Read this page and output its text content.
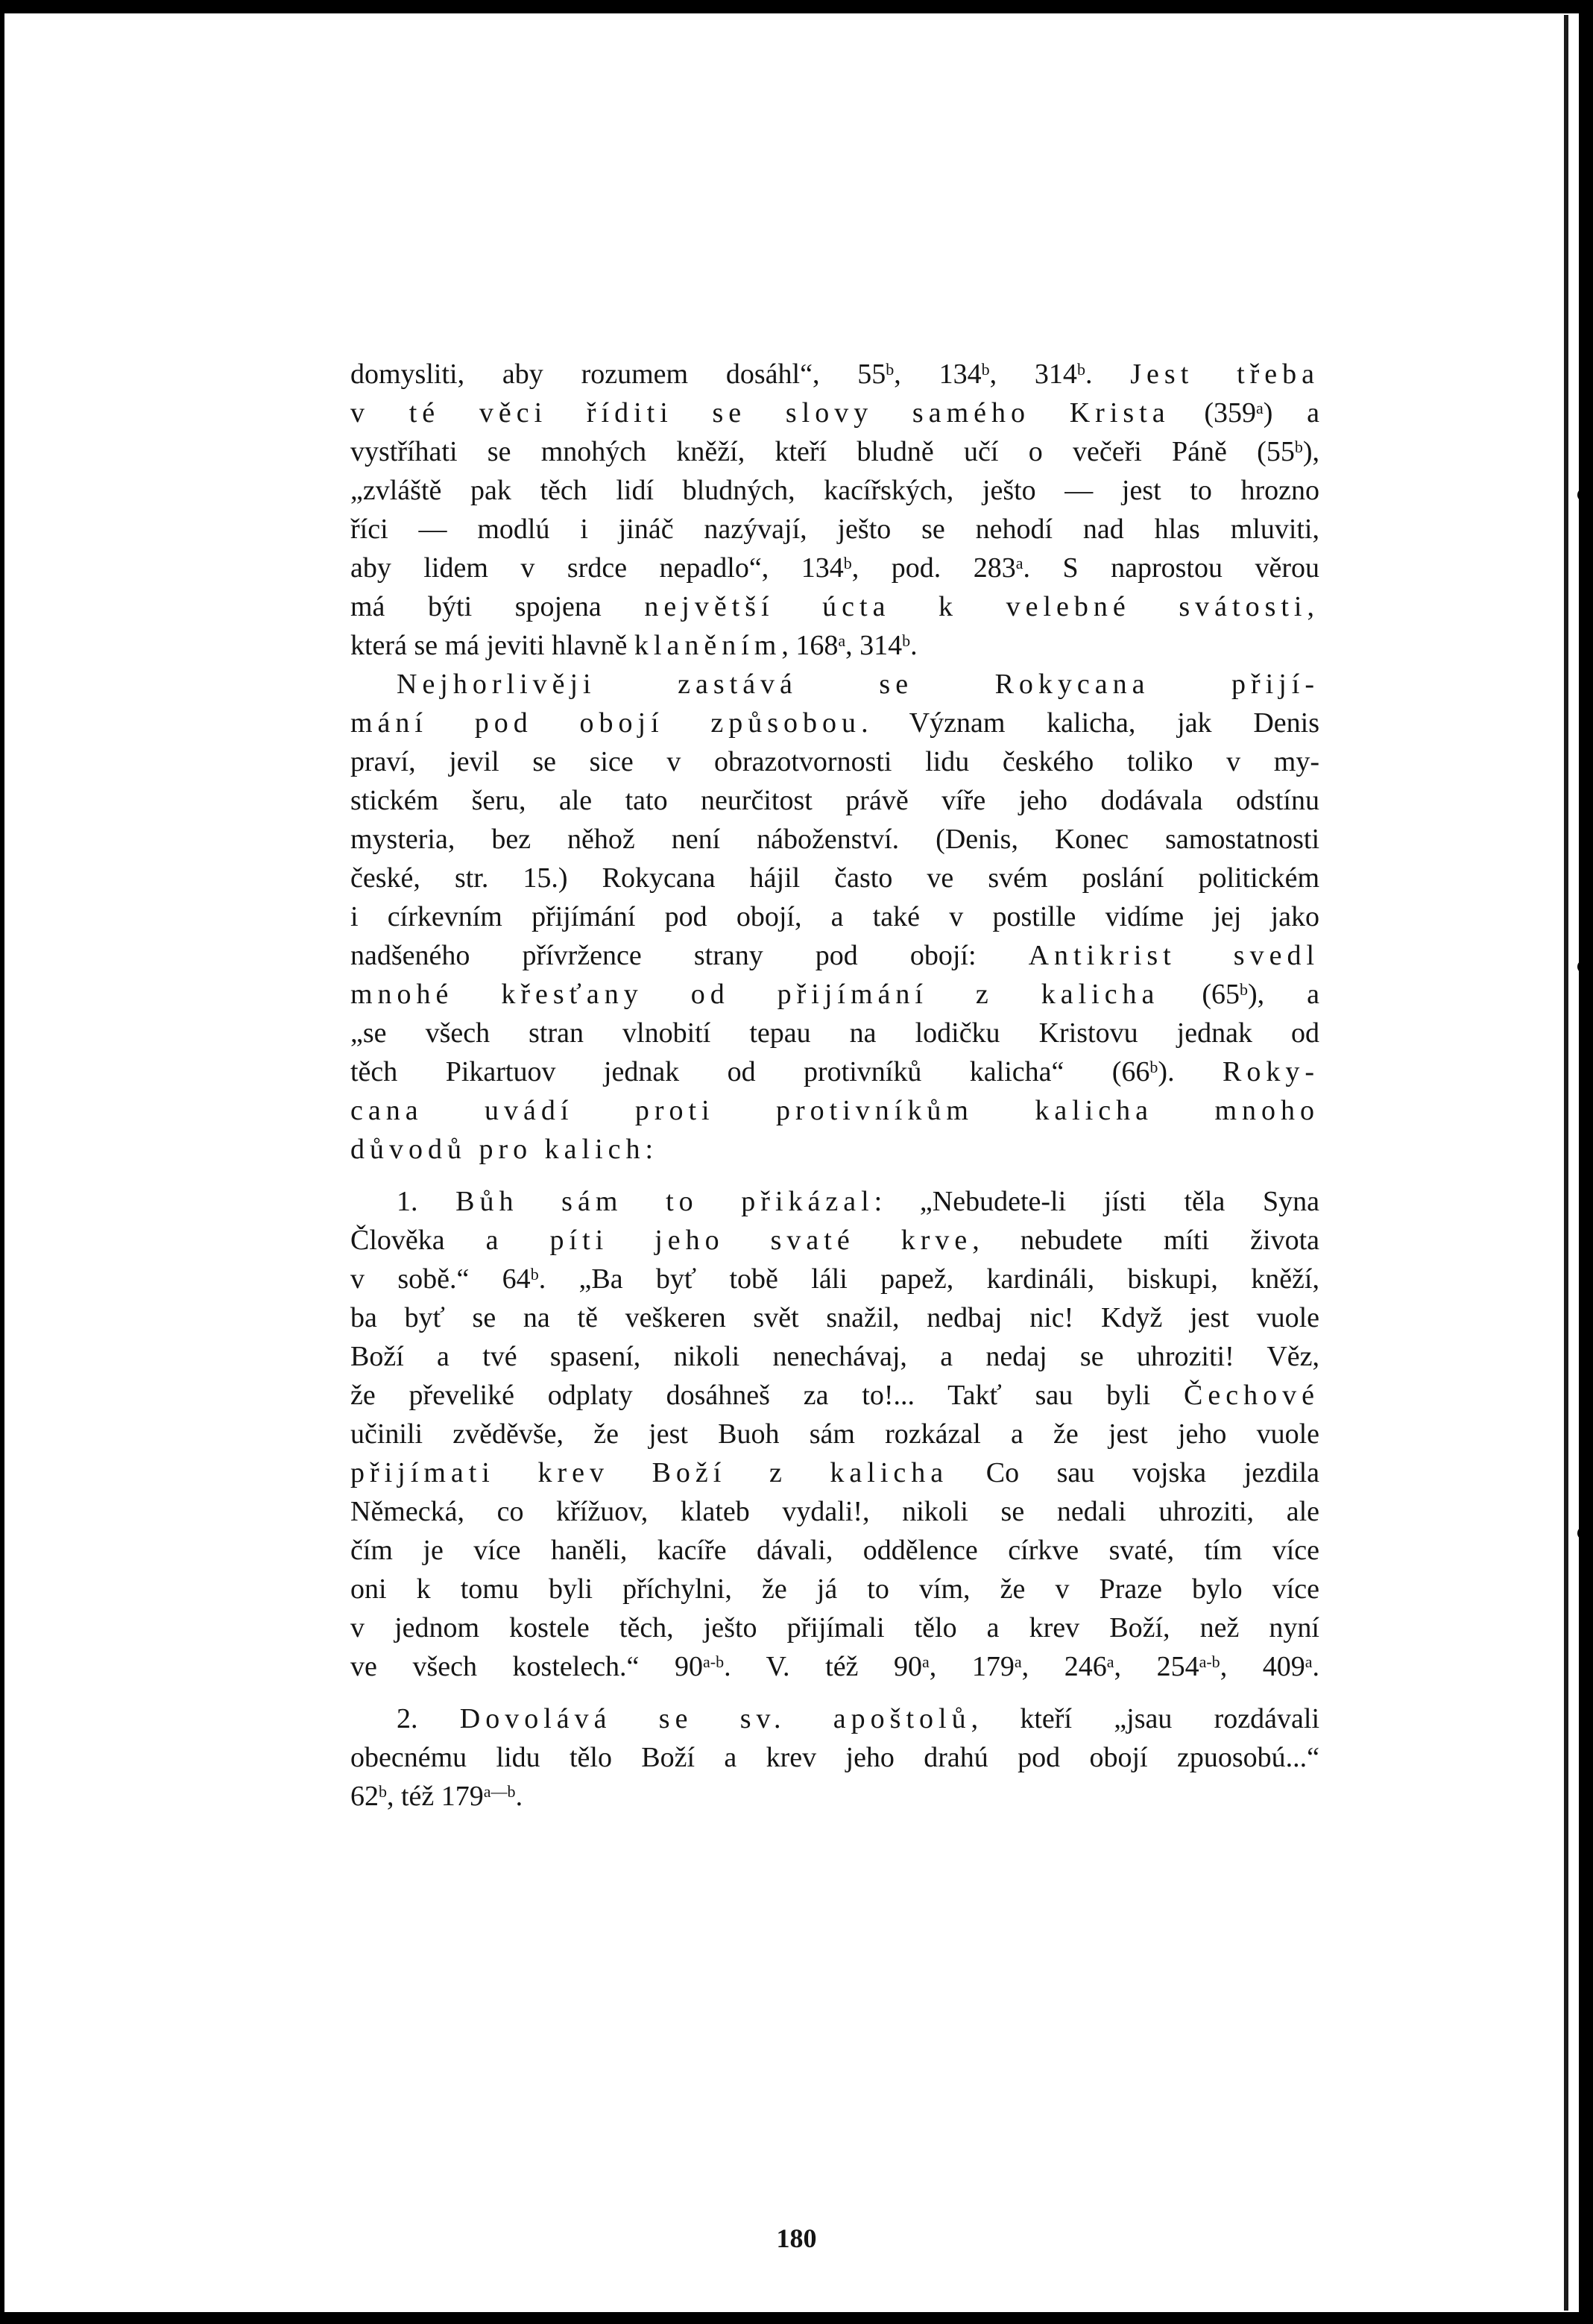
domysliti, aby rozumem dosáhl“, 55$^b$, 134$^b$, 314$^b$. Jest třeba
v té věci říditi se slovy samého Krista (359$^a$) a
vystříhati se mnohých kněží, kteří bludně učí o večeři Páně (55$^b$),
„zvláště pak těch lidí bludných, kacířských, ješto — jest to hrozno
říci — modlú i jináč nazývají, ješto se nehodí nad hlas mluviti,
aby lidem v srdce nepadlo“, 134$^b$, pod. 283$^a$. S naprostou věrou
má býti spojena největší úcta k velebné svátosti,
která se má jeviti hlavně klaněním, 168$^a$, 314$^b$.
Nejhorlivěji zastává se Rokycana přijí-
mání pod obojí způsobou. Význam kalicha, jak Denis
praví, jevil se sice v obrazotvornosti lidu českého toliko v my-
stickém šeru, ale tato neurčitost právě víře jeho dodávala odstínu
mysteria, bez něhož není náboženství. (Denis, Konec samostatnosti
české, str. 15.) Rokycana hájil často ve svém poslání politickém
i církevním přijímání pod obojí, a také v postille vidíme jej jako
nadšeného přívržence strany pod obojí: Antikrist svedl
mnohé křesťany od přijímání z kalicha (65$^b$), a
„se všech stran vlnobití tepau na lodičku Kristovu jednak od
těch Pikartuov jednak od protivníků kalicha“ (66$^b$). Roky-
cana uvádí proti protivníkům kalicha mnoho
důvodů pro kalich:
1. Bůh sám to přikázal: „Nebudete-li jísti těla Syna
Člověka a píti jeho svaté krve, nebudete míti života
v sobě.“ 64$^b$. „Ba byť tobě láli papež, kardináli, biskupi, kněží,
ba byť se na tě veškeren svět snažil, nedbaj nic! Když jest vuole
Boží a tvé spasení, nikoli nenechávaj, a nedaj se uhroziti! Věz,
že převeliké odplaty dosáhneš za to!... Takť sau byli Čechové
učinili zvěděvše, že jest Buoh sám rozkázal a že jest jeho vuole
přijímati krev Boží z kalicha Co sau vojska jezdila
Německá, co křížuov, klateb vydali!, nikoli se nedali uhroziti, ale
čím je více haněli, kacíře dávali, oddělence církve svaté, tím více
oni k tomu byli příchylni, že já to vím, že v Praze bylo více
v jednom kostele těch, ješto přijímali tělo a krev Boží, než nyní
ve všech kostelech.“ 90$^{a-b}$. V. též 90$^a$, 179$^a$, 246$^a$, 254$^{a-b}$, 409$^a$.
2. Dovolává se sv. apoštolů, kteří „jsau rozdávali
obecnému lidu tělo Boží a krev jeho drahú pod obojí zpuosobú...“
62$^b$, též $179^{a—b}$.
180
